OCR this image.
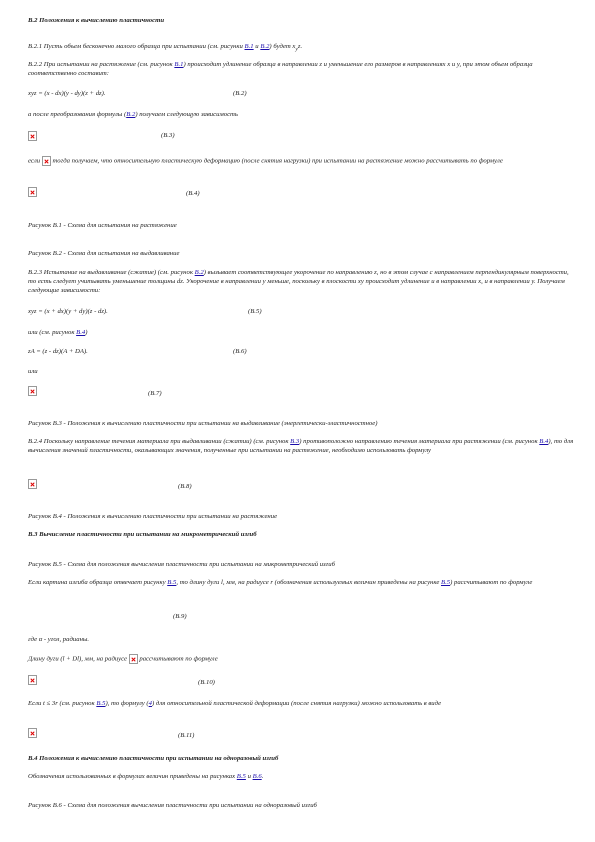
В.2 Положения к вычислению пластичности

В.2.1 Пусть объем бесконечно малого образца при испытании (см. рисунки В.1 и В.2) будет $x_yz$.

В.2.2 При испытании на растяжение (см. рисунок В.1) происходит удлинение образца в направлении z и уменьшение его размеров в направлениях x и y, при этом объем образца соответственно составит:

xyz = (x - dx)(y - dy)(z + dz).	(В.2)

а после преобразования формулы (В.2) получаем следующую зависимость

(В.3)

если тогда получаем, что относительную пластическую деформацию (после снятия нагрузки) при испытании на растяжение можно рассчитывать по формуле

(В.4)

Рисунок В.1 - Схема для испытания на растяжение

Рисунок В.2 - Схема для испытания на выдавливание

В.2.3 Испытание на выдавливание (сжатие) (см. рисунок В.2) вызывает соответствующее укорочение по направлению z, но в этом случае с направлением перпендикулярным поверхности, то есть следует учитывать уменьшение толщины dz. Укорочение в направлении y меньше, поскольку в плоскости xy происходит удлинение и в направлении x, и в направлении y. Получаем следующие зависимости:

xyz = (x + dx)(y + dy)(z - dz).	(В.5)

или (см. рисунок В.4)

zA = (z - dz)(A + DA).	(В.6)

или

(В.7)

Рисунок В.3 - Положения к вычислению пластичности при испытании на выдавливание (энергетически-эластичностное)

В.2.4 Поскольку направление течения материала при выдавливании (сжатии) (см. рисунок В.3) противоположно направлению течения материала при растяжении (см. рисунок В.4), то для вычисления значений пластичности, оказывающих значения, полученные при испытании на растяжение, необходимо использовать формулу

(В.8)

Рисунок В.4 - Положения к вычислению пластичности при испытании на растяжение

В.3 Вычисление пластичности при испытании на микрометрический изгиб

Рисунок В.5 - Схема для положения вычисления пластичности при испытании на микрометрический изгиб

Если картина изгиба образца отвечает рисунку В.5, то длину дуги l, мм, на радиусе r (обозначения используемых величин приведены на рисунке В.5) рассчитывают по формуле

(В.9)

где α - угол, радианы.

Длину дуги (l + Dl), мм, на радиусе рассчитывают по формуле

(В.10)

Если t ≤ 3r (см. рисунок В.5), то формулу (4) для относительной пластической деформации (после снятия нагрузки) можно использовать в виде

(В.11)

В.4 Положения к вычислению пластичности при испытании на одноразовый изгиб

Обозначения использованных в формулах величин приведены на рисунках В.5 и В.6.

Рисунок В.6 - Схема для положения вычисления пластичности при испытании на одноразовый изгиб
